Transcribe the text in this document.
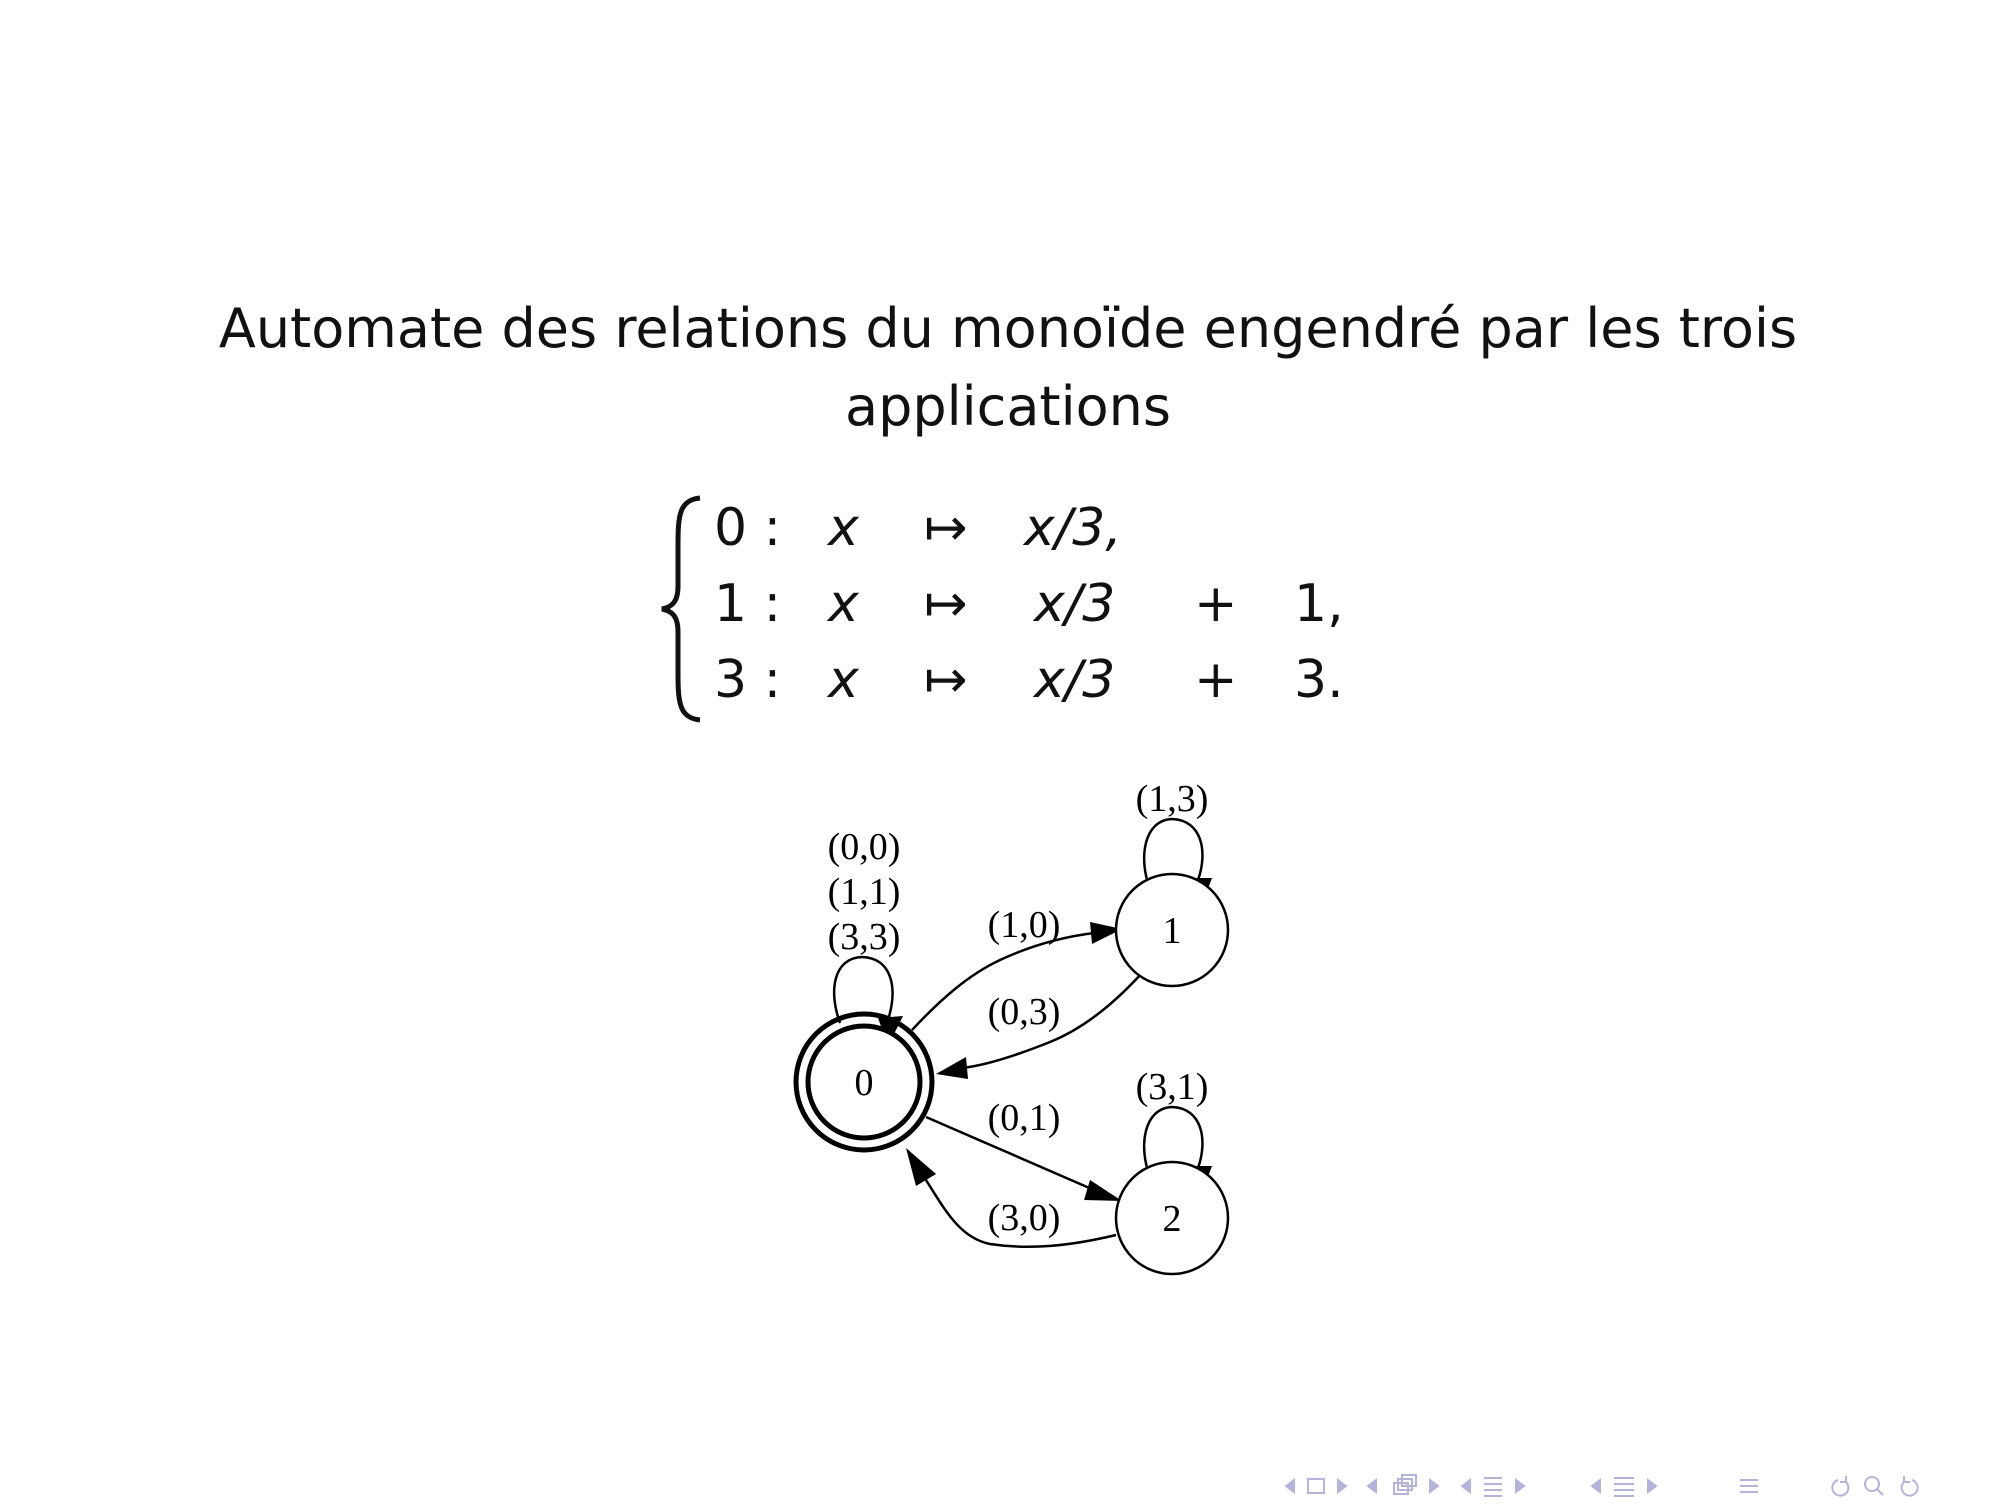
Automate des relations du monoïde engendré par les trois
applications
0 : x ↦ x/3,
1 : x ↦ x/3 + 1,
3 : x ↦ x/3 + 3.
(0,0)
(1,1)
(3,3) (1,0)
(0,3)
(1,3)
(0,1)
(3,0)
(3,1)
0
1
2
